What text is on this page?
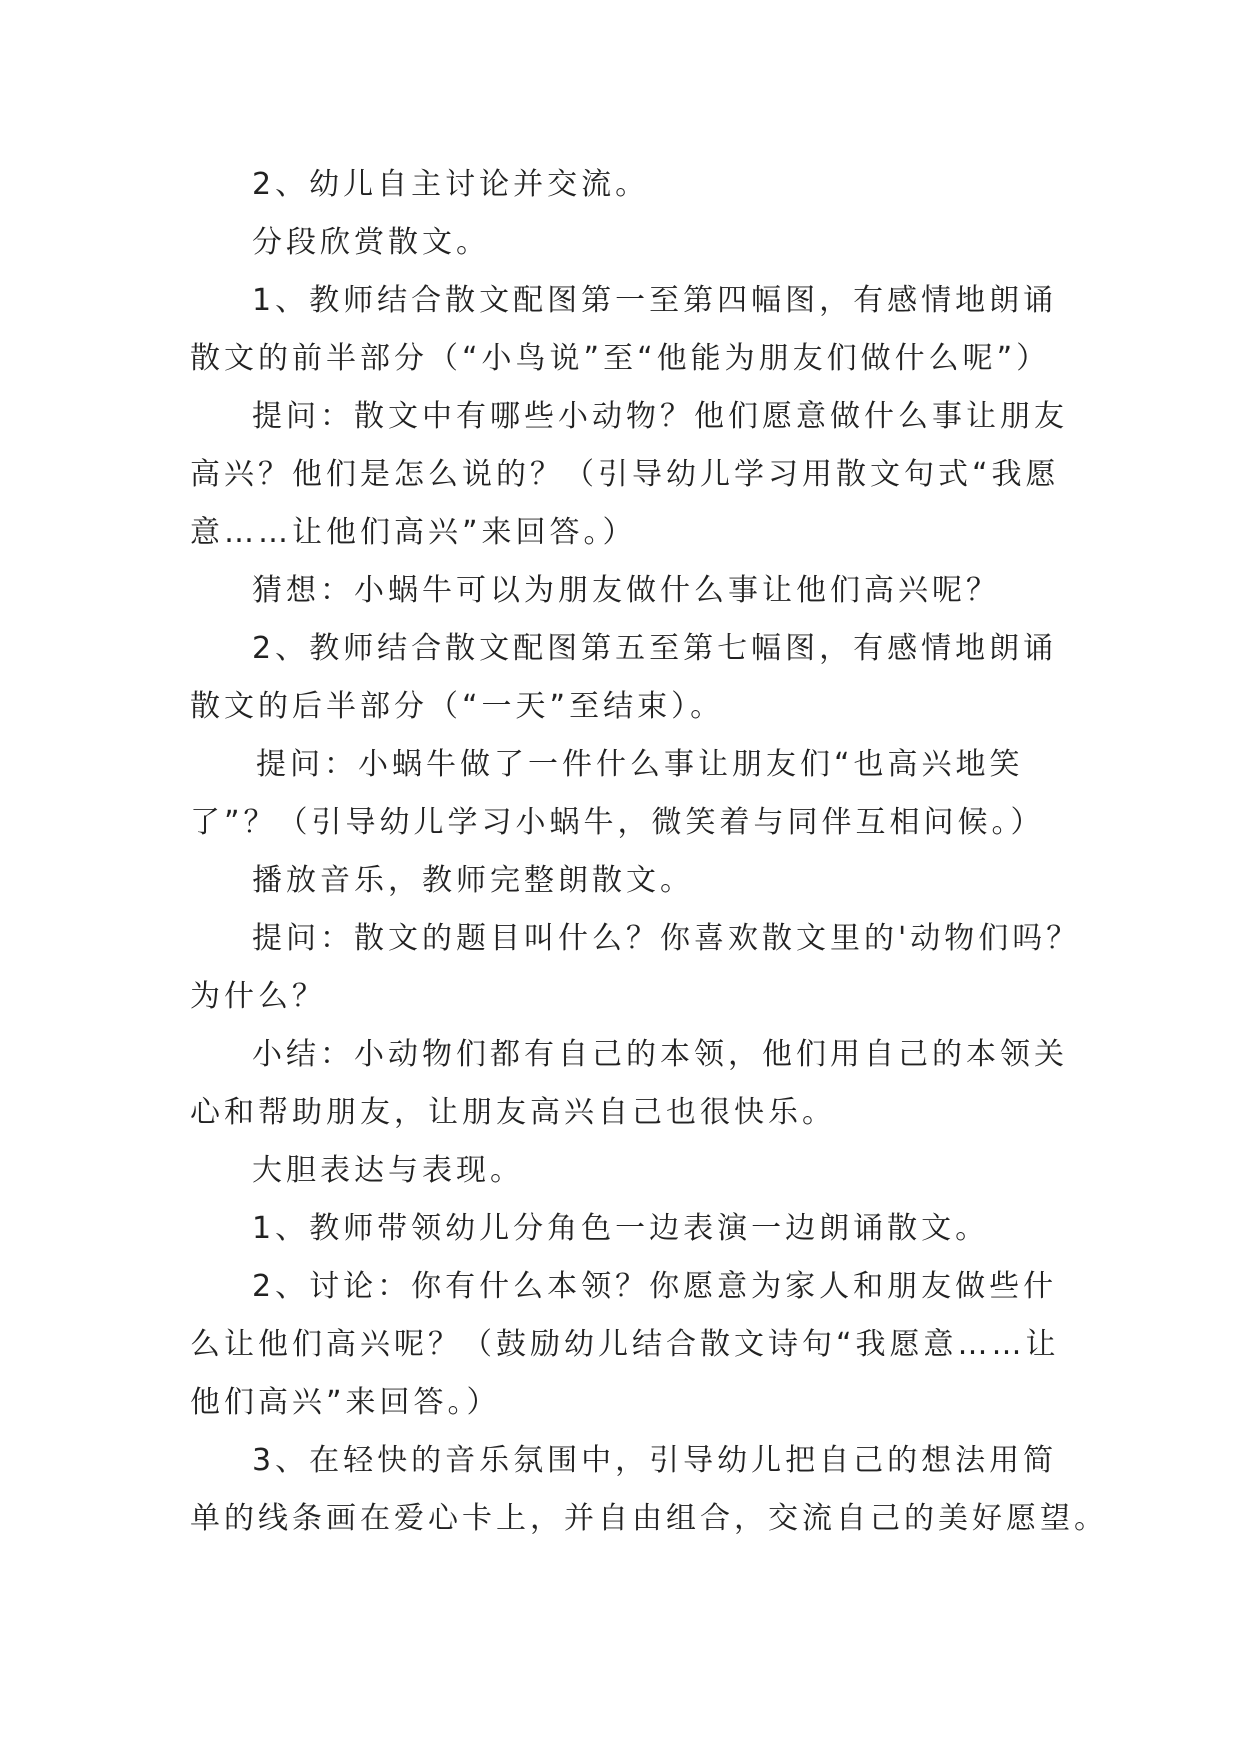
2、幼儿自主讨论并交流。
分段欣赏散文。
1、教师结合散文配图第一至第四幅图，有感情地朗诵
散文的前半部分（“小鸟说”至“他能为朋友们做什么呢”）
提问：散文中有哪些小动物？他们愿意做什么事让朋友
高兴？他们是怎么说的？（引导幼儿学习用散文句式“我愿
意……让他们高兴”来回答。）
猜想：小蜗牛可以为朋友做什么事让他们高兴呢？
2、教师结合散文配图第五至第七幅图，有感情地朗诵
散文的后半部分（“一天”至结束）。
提问：小蜗牛做了一件什么事让朋友们“也高兴地笑
了”？（引导幼儿学习小蜗牛，微笑着与同伴互相问候。）
播放音乐，教师完整朗散文。
提问：散文的题目叫什么？你喜欢散文里的'动物们吗？
为什么？
小结：小动物们都有自己的本领，他们用自己的本领关
心和帮助朋友，让朋友高兴自己也很快乐。
大胆表达与表现。
1、教师带领幼儿分角色一边表演一边朗诵散文。
2、讨论：你有什么本领？你愿意为家人和朋友做些什
么让他们高兴呢？（鼓励幼儿结合散文诗句“我愿意……让
他们高兴”来回答。）
3、在轻快的音乐氛围中，引导幼儿把自己的想法用简
单的线条画在爱心卡上，并自由组合，交流自己的美好愿望。
